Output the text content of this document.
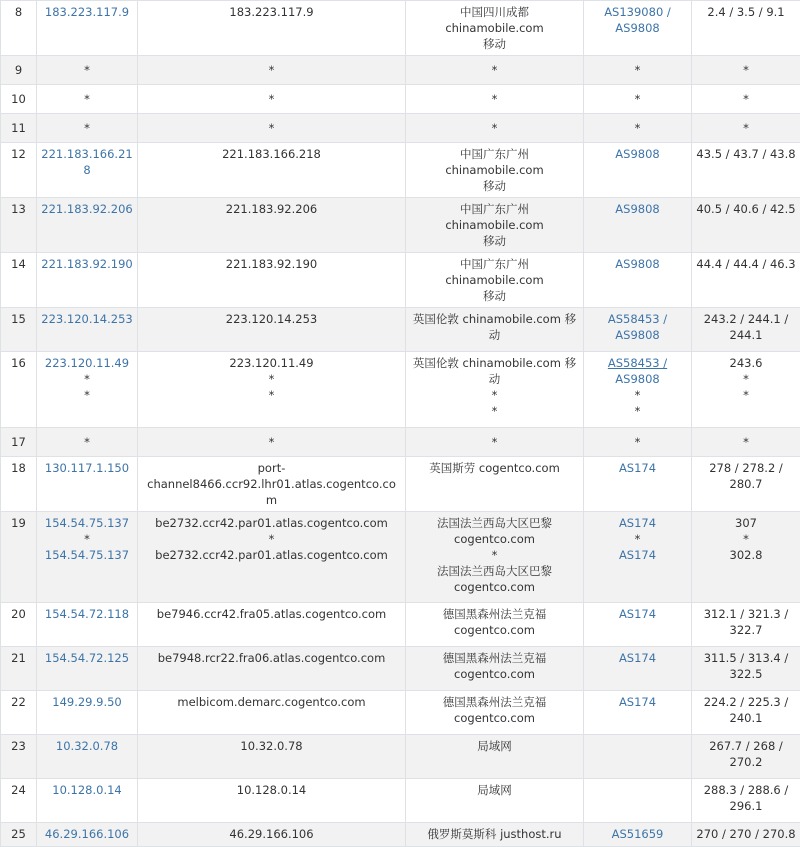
8	183.223.117.9	183.223.117.9	中国四川成都 chinamobile.com
移动	AS139080 /
AS9808	2.4 / 3.5 / 9.1

9	*	*	*	*	*

10	*	*	*	*	*

11	*	*	*	*	*

12	221.183.166.218	221.183.166.218	中国广东广州 chinamobile.com
移动	AS9808	43.5 / 43.7 / 43.8

13	221.183.92.206	221.183.92.206	中国广东广州 chinamobile.com
移动	AS9808	40.5 / 40.6 / 42.5

14	221.183.92.190	221.183.92.190	中国广东广州 chinamobile.com
移动	AS9808	44.4 / 44.4 / 46.3

15	223.120.14.253	223.120.14.253	英国伦敦 chinamobile.com 移动	AS58453 /
AS9808	243.2 / 244.1 /
244.1

16	223.120.11.49
*
*	223.120.11.49
*
*	英国伦敦 chinamobile.com 移动
*
*	AS58453 /
AS9808
*
*	243.6
*
*

17	*	*	*	*	*

18	130.117.1.150	port-
channel8466.ccr92.lhr01.atlas.cogentco.com	英国斯劳 cogentco.com	AS174	278 / 278.2 /
280.7

19	154.54.75.137
*
154.54.75.137	be2732.ccr42.par01.atlas.cogentco.com
*
be2732.ccr42.par01.atlas.cogentco.com	法国法兰西岛大区巴黎
cogentco.com
*
法国法兰西岛大区巴黎
cogentco.com	AS174
*
AS174	307
*
302.8

20	154.54.72.118	be7946.ccr42.fra05.atlas.cogentco.com	德国黑森州法兰克福
cogentco.com	AS174	312.1 / 321.3 /
322.7

21	154.54.72.125	be7948.rcr22.fra06.atlas.cogentco.com	德国黑森州法兰克福
cogentco.com	AS174	311.5 / 313.4 /
322.5

22	149.29.9.50	melbicom.demarc.cogentco.com	德国黑森州法兰克福
cogentco.com	AS174	224.2 / 225.3 /
240.1

23	10.32.0.78	10.32.0.78	局域网		267.7 / 268 /
270.2

24	10.128.0.14	10.128.0.14	局域网		288.3 / 288.6 /
296.1

25	46.29.166.106	46.29.166.106	俄罗斯莫斯科 justhost.ru	AS51659	270 / 270 / 270.8
